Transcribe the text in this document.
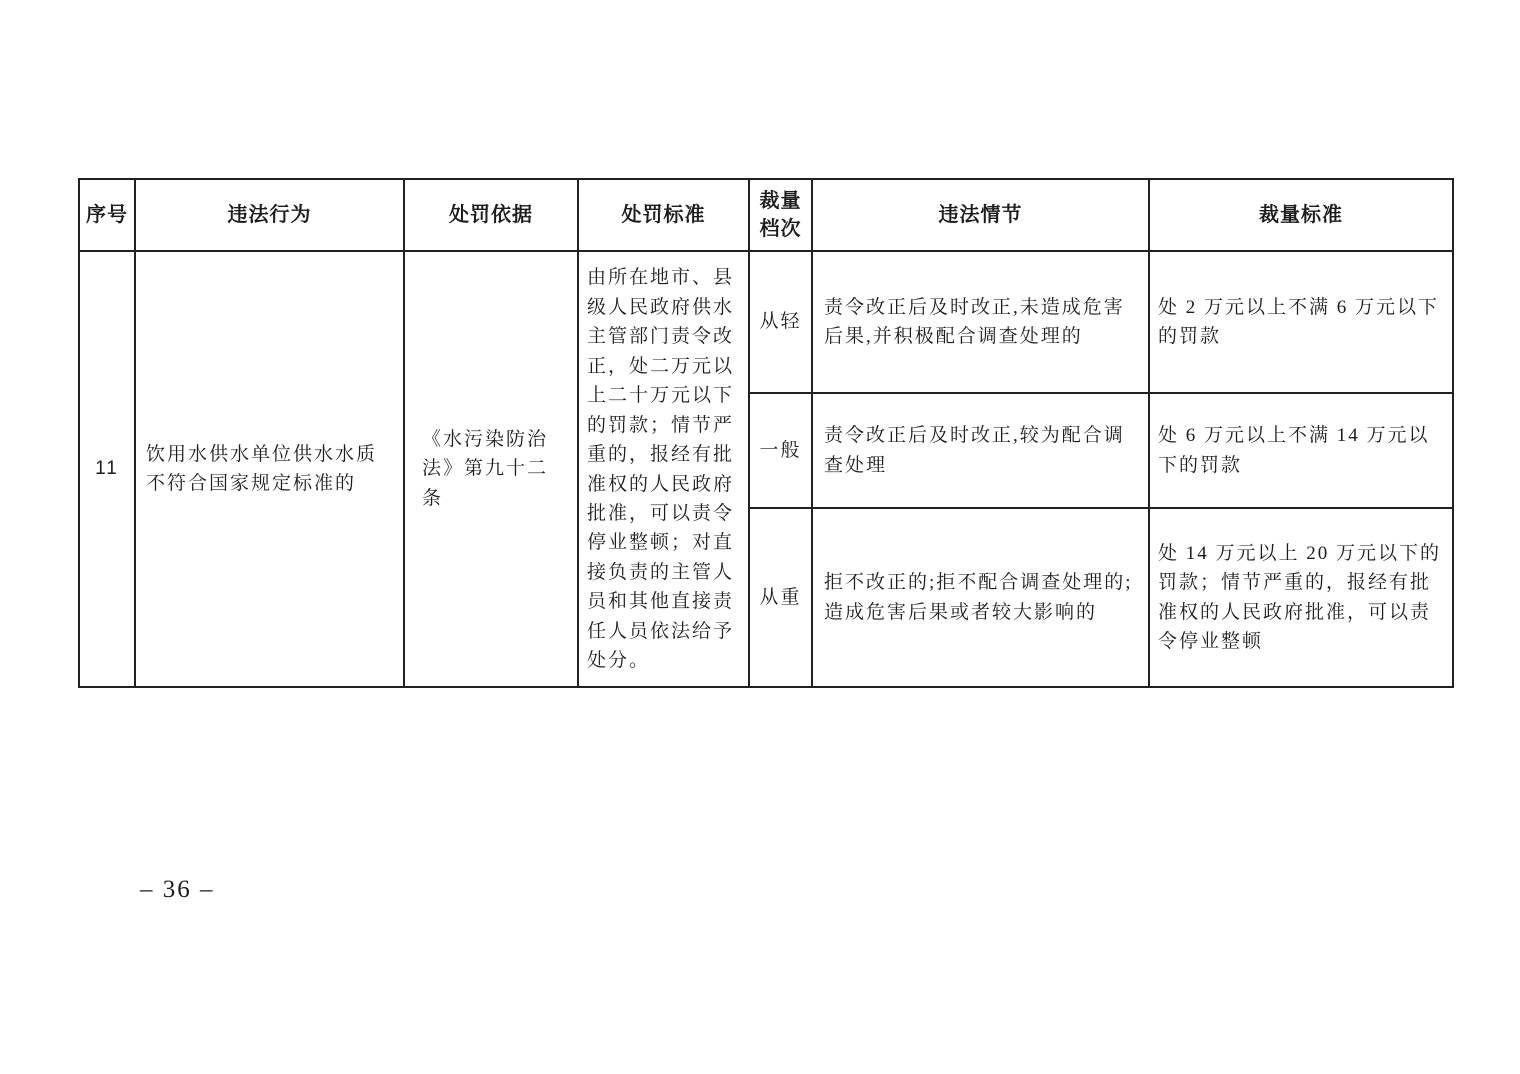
序号	违法行为	处罚依据	处罚标准	裁量档次	违法情节	裁量标准
11	饮用水供水单位供水水质不符合国家规定标准的	《水污染防治法》第九十二条	由所在地市、县级人民政府供水主管部门责令改正，处二万元以上二十万元以下的罚款；情节严重的，报经有批准权的人民政府批准，可以责令停业整顿；对直接负责的主管人员和其他直接责任人员依法给予处分。	从轻	责令改正后及时改正,未造成危害后果,并积极配合调查处理的	处 2 万元以上不满 6 万元以下的罚款
				一般	责令改正后及时改正,较为配合调查处理	处 6 万元以上不满 14 万元以下的罚款
				从重	拒不改正的;拒不配合调查处理的;造成危害后果或者较大影响的	处 14 万元以上 20 万元以下的罚款；情节严重的，报经有批准权的人民政府批准，可以责令停业整顿
– 36 –
